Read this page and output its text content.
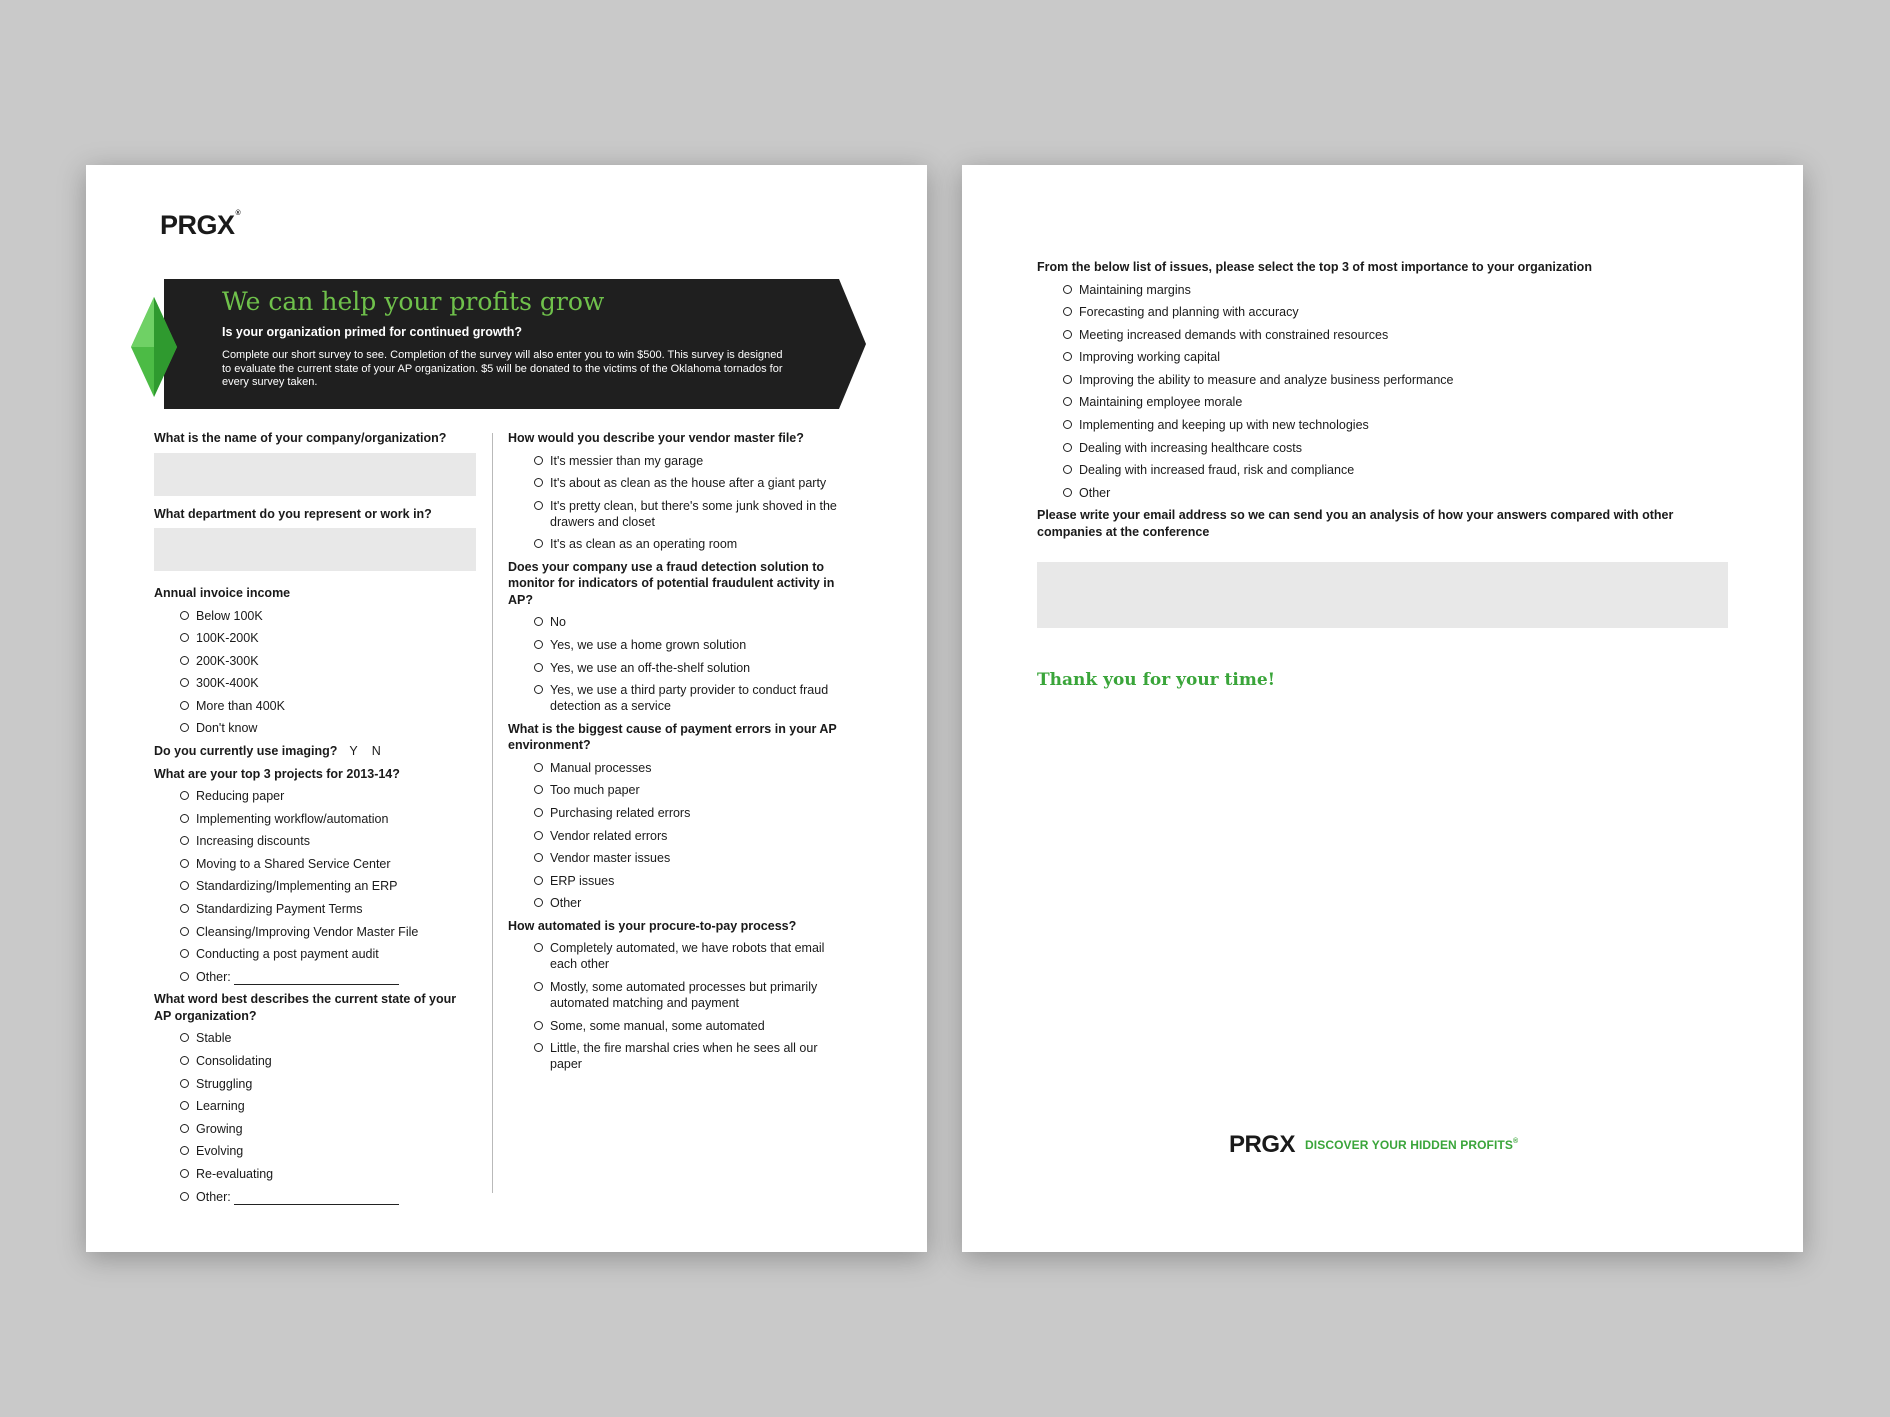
PRGX®
We can help your profits grow
Is your organization primed for continued growth?
Complete our short survey to see. Completion of the survey will also enter you to win $500. This survey is designed to evaluate the current state of your AP organization. $5 will be donated to the victims of the Oklahoma tornados for every survey taken.
What is the name of your company/organization?
What department do you represent or work in?
Annual invoice income
Below 100K
100K-200K
200K-300K
300K-400K
More than 400K
Don't know
Do you currently use imaging? Y N
What are your top 3 projects for 2013-14?
Reducing paper
Implementing workflow/automation
Increasing discounts
Moving to a Shared Service Center
Standardizing/Implementing an ERP
Standardizing Payment Terms
Cleansing/Improving Vendor Master File
Conducting a post payment audit
Other:
What word best describes the current state of your AP organization?
Stable
Consolidating
Struggling
Learning
Growing
Evolving
Re-evaluating
Other:
How would you describe your vendor master file?
It's messier than my garage
It's about as clean as the house after a giant party
It's pretty clean, but there's some junk shoved in the drawers and closet
It's as clean as an operating room
Does your company use a fraud detection solution to monitor for indicators of potential fraudulent activity in AP?
No
Yes, we use a home grown solution
Yes, we use an off-the-shelf solution
Yes, we use a third party provider to conduct fraud detection as a service
What is the biggest cause of payment errors in your AP environment?
Manual processes
Too much paper
Purchasing related errors
Vendor related errors
Vendor master issues
ERP issues
Other
How automated is your procure-to-pay process?
Completely automated, we have robots that email each other
Mostly, some automated processes but primarily automated matching and payment
Some, some manual, some automated
Little, the fire marshal cries when he sees all our paper
From the below list of issues, please select the top 3 of most importance to your organization
Maintaining margins
Forecasting and planning with accuracy
Meeting increased demands with constrained resources
Improving working capital
Improving the ability to measure and analyze business performance
Maintaining employee morale
Implementing and keeping up with new technologies
Dealing with increasing healthcare costs
Dealing with increased fraud, risk and compliance
Other
Please write your email address so we can send you an analysis of how your answers compared with other companies at the conference
Thank you for your time!
PRGX DISCOVER YOUR HIDDEN PROFITS®
